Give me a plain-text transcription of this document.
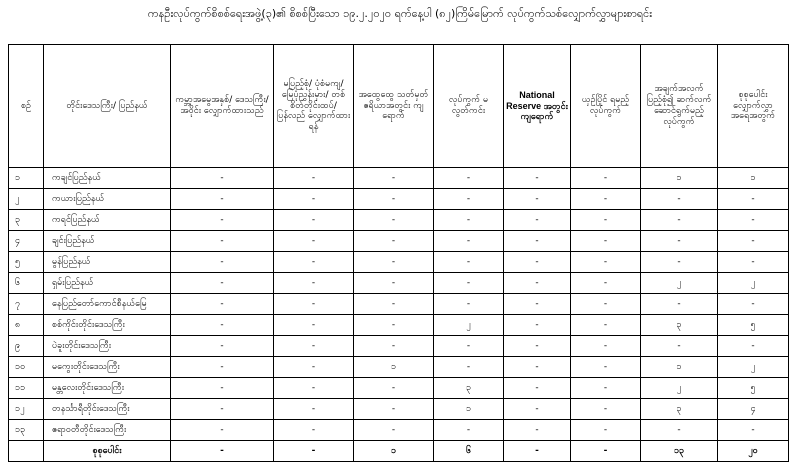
ကနဦးလုပ်ကွက်စိစစ်ရေးအဖွဲ့(၃)၏ စိစစ်ပြီးသော ၁၉.၂.၂၀၂၀ ရက်နေ့ပါ (၈၂)ကြိမ်မြောက် လုပ်ကွက်သစ်လျှောက်လွှာများစာရင်း
စဉ်	တိုင်းဒေသကြီး/ ပြည်နယ်	ကမ္ဘာ့အမွေအနှစ်/ ဒေသကြီး/ အဝိုင်း လျှောက်ထားသည်	မပြည့်စုံ/ ပုံစံမကျ/ မြေပုံညွှန်းမှား/ တစ်စိတ်တိုင်းထပ်/ ပြန်လည် လျှောက်ထားရန်	အထွေထွေ သတ်မှတ် ဧရိယာအတွင်း ကျရောက်	လုပ်ကွက် မလွတ်ကင်း	National Reserve အတွင်း ကျရောက်	ယှဉ်ပြိုင် ရမည့် လုပ်ကွက်	အချက်အလက် ပြည့်စုံ၍ ဆက်လက် ဆောင်ရွက်မည့် လုပ်ကွက်	စုစုပေါင်း လျှောက်လွှာ အရေအတွက်
၁	ကချင်ပြည်နယ်	-	-	-	-	-	-	၁	၁
၂	ကယားပြည်နယ်	-	-	-	-	-	-	-	-
၃	ကရင်ပြည်နယ်	-	-	-	-	-	-	-	-
၄	ချင်းပြည်နယ်	-	-	-	-	-	-	-	-
၅	မွန်ပြည်နယ်	-	-	-	-	-	-	-	-
၆	ရှမ်းပြည်နယ်	-	-	-	-	-	-	၂	၂
၇	နေပြည်တော်ကောင်စီနယ်မြေ	-	-	-	-	-	-	-	-
၈	စစ်ကိုင်းတိုင်းဒေသကြီး	-	-	-	၂	-	-	၃	၅
၉	ပဲခူးတိုင်းဒေသကြီး	-	-	-	-	-	-	-	-
၁၀	မကွေးတိုင်းဒေသကြီး	-	-	၁	-	-	-	၁	၂
၁၁	မန္တလေးတိုင်းဒေသကြီး	-	-	-	၃	-	-	၂	၅
၁၂	တနင်္သာရီတိုင်းဒေသကြီး	-	-	-	၁	-	-	၃	၄
၁၃	ဧရာဝတီတိုင်းဒေသကြီး	-	-	-	-	-	-	-	-
	စုစုပေါင်း	-	-	၁	၆	-	-	၁၃	၂၀
